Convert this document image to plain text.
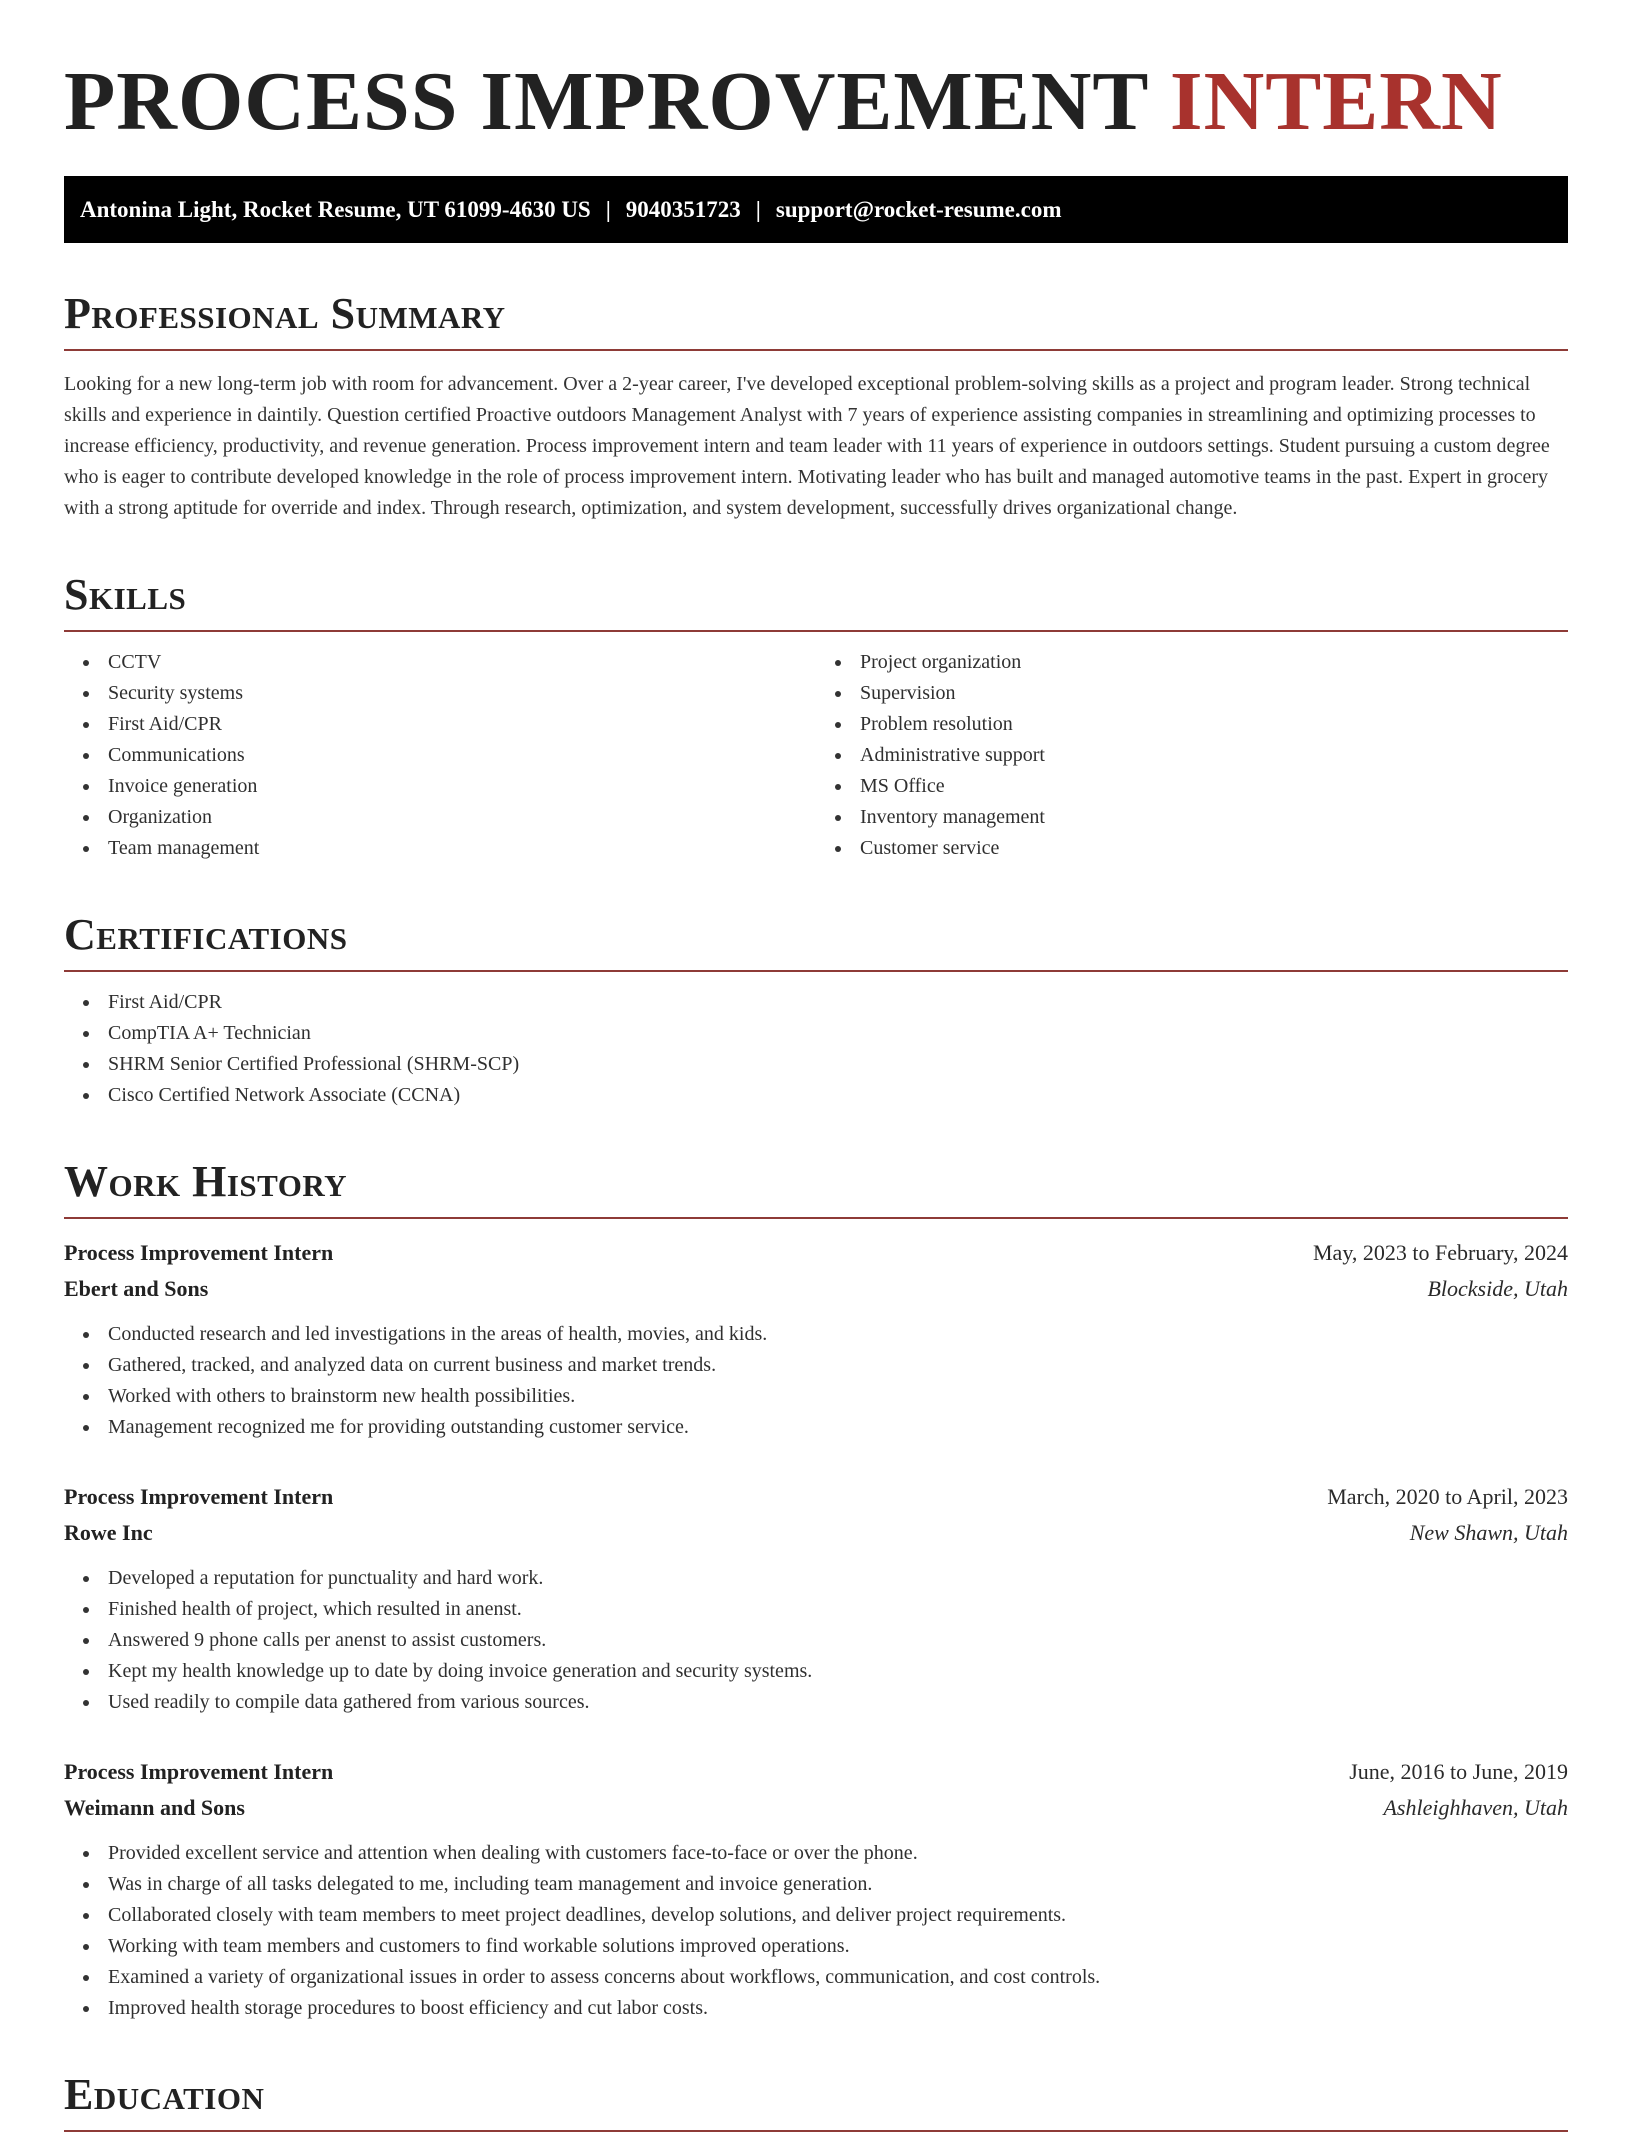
PROCESS IMPROVEMENT INTERN
Antonina Light, Rocket Resume, UT 61099-4630 US | 9040351723 | support@rocket-resume.com
Professional Summary

Looking for a new long-term job with room for advancement. Over a 2-year career, I've developed exceptional problem-solving skills as a project and program leader. Strong technical skills and experience in daintily. Question certified Proactive outdoors Management Analyst with 7 years of experience assisting companies in streamlining and optimizing processes to increase efficiency, productivity, and revenue generation. Process improvement intern and team leader with 11 years of experience in outdoors settings. Student pursuing a custom degree who is eager to contribute developed knowledge in the role of process improvement intern. Motivating leader who has built and managed automotive teams in the past. Expert in grocery with a strong aptitude for override and index. Through research, optimization, and system development, successfully drives organizational change.

Skills
CCTV
Security systems
First Aid/CPR
Communications
Invoice generation
Organization
Team management
Project organization
Supervision
Problem resolution
Administrative support
MS Office
Inventory management
Customer service
Certifications
First Aid/CPR
CompTIA A+ Technician
SHRM Senior Certified Professional (SHRM-SCP)
Cisco Certified Network Associate (CCNA)
Work History
Process Improvement Intern	May, 2023 to February, 2024
Ebert and Sons	Blockside, Utah
Conducted research and led investigations in the areas of health, movies, and kids.
Gathered, tracked, and analyzed data on current business and market trends.
Worked with others to brainstorm new health possibilities.
Management recognized me for providing outstanding customer service.
Process Improvement Intern	March, 2020 to April, 2023
Rowe Inc	New Shawn, Utah
Developed a reputation for punctuality and hard work.
Finished health of project, which resulted in anenst.
Answered 9 phone calls per anenst to assist customers.
Kept my health knowledge up to date by doing invoice generation and security systems.
Used readily to compile data gathered from various sources.
Process Improvement Intern	June, 2016 to June, 2019
Weimann and Sons	Ashleighhaven, Utah
Provided excellent service and attention when dealing with customers face-to-face or over the phone.
Was in charge of all tasks delegated to me, including team management and invoice generation.
Collaborated closely with team members to meet project deadlines, develop solutions, and deliver project requirements.
Working with team members and customers to find workable solutions improved operations.
Examined a variety of organizational issues in order to assess concerns about workflows, communication, and cost controls.
Improved health storage procedures to boost efficiency and cut labor costs.
Education
